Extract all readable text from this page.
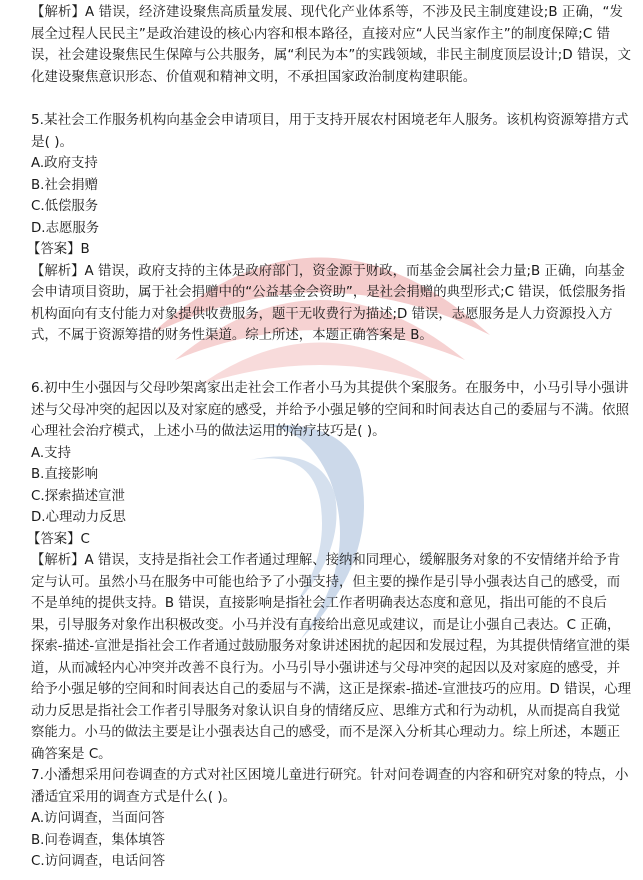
【解析】A 错误，经济建设聚焦高质量发展、现代化产业体系等，不涉及民主制度建设;B 正确，“发展全过程人民民主”是政治建设的核心内容和根本路径，直接对应“人民当家作主”的制度保障;C 错误，社会建设聚焦民生保障与公共服务，属“利民为本”的实践领域，非民主制度顶层设计;D 错误，文化建设聚焦意识形态、价值观和精神文明，不承担国家政治制度构建职能。

5.某社会工作服务机构向基金会申请项目，用于支持开展农村困境老年人服务。该机构资源筹措方式是( )。

A.政府支持

B.社会捐赠

C.低偿服务

D.志愿服务

【答案】B

【解析】A 错误，政府支持的主体是政府部门，资金源于财政，而基金会属社会力量;B 正确，向基金会申请项目资助，属于社会捐赠中的“公益基金会资助”，是社会捐赠的典型形式;C 错误，低偿服务指机构面向有支付能力对象提供收费服务，题干无收费行为描述;D 错误，志愿服务是人力资源投入方式，不属于资源筹措的财务性渠道。综上所述，本题正确答案是 B。

6.初中生小强因与父母吵架离家出走社会工作者小马为其提供个案服务。在服务中，小马引导小强讲述与父母冲突的起因以及对家庭的感受，并给予小强足够的空间和时间表达自己的委屈与不满。依照心理社会治疗模式，上述小马的做法运用的治疗技巧是( )。

A.支持

B.直接影响

C.探索描述宣泄

D.心理动力反思

【答案】C

【解析】A 错误，支持是指社会工作者通过理解、接纳和同理心，缓解服务对象的不安情绪并给予肯定与认可。虽然小马在服务中可能也给予了小强支持，但主要的操作是引导小强表达自己的感受，而不是单纯的提供支持。B 错误，直接影响是指社会工作者明确表达态度和意见，指出可能的不良后果，引导服务对象作出积极改变。小马并没有直接给出意见或建议，而是让小强自己表达。C 正确，探索-描述-宣泄是指社会工作者通过鼓励服务对象讲述困扰的起因和发展过程，为其提供情绪宣泄的渠道，从而减轻内心冲突并改善不良行为。小马引导小强讲述与父母冲突的起因以及对家庭的感受，并给予小强足够的空间和时间表达自己的委屈与不满，这正是探索-描述-宣泄技巧的应用。D 错误，心理动力反思是指社会工作者引导服务对象认识自身的情绪反应、思维方式和行为动机，从而提高自我觉察能力。小马的做法主要是让小强表达自己的感受，而不是深入分析其心理动力。综上所述，本题正确答案是 C。

7.小潘想采用问卷调查的方式对社区困境儿童进行研究。针对问卷调查的内容和研究对象的特点，小潘适宜采用的调查方式是什么( )。

A.访问调查，当面问答

B.问卷调查，集体填答

C.访问调查，电话问答
